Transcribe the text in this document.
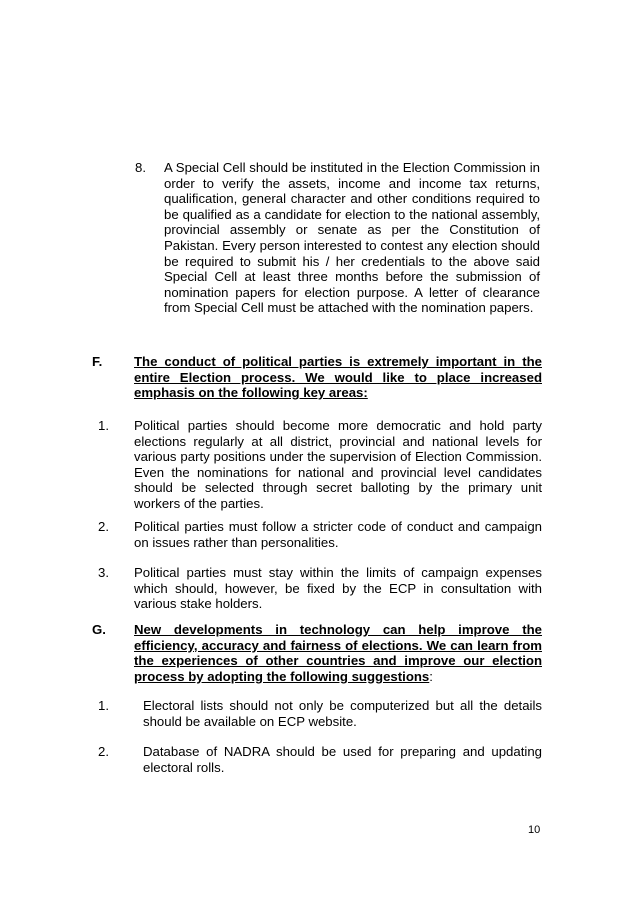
8. A Special Cell should be instituted in the Election Commission in order to verify the assets, income and income tax returns, qualification, general character and other conditions required to be qualified as a candidate for election to the national assembly, provincial assembly or senate as per the Constitution of Pakistan. Every person interested to contest any election should be required to submit his / her credentials to the above said Special Cell at least three months before the submission of nomination papers for election purpose. A letter of clearance from Special Cell must be attached with the nomination papers.
F. The conduct of political parties is extremely important in the entire Election process. We would like to place increased emphasis on the following key areas:
1. Political parties should become more democratic and hold party elections regularly at all district, provincial and national levels for various party positions under the supervision of Election Commission. Even the nominations for national and provincial level candidates should be selected through secret balloting by the primary unit workers of the parties.
2. Political parties must follow a stricter code of conduct and campaign on issues rather than personalities.
3. Political parties must stay within the limits of campaign expenses which should, however, be fixed by the ECP in consultation with various stake holders.
G. New developments in technology can help improve the efficiency, accuracy and fairness of elections. We can learn from the experiences of other countries and improve our election process by adopting the following suggestions:
1.	Electoral lists should not only be computerized but all the details should be available on ECP website.
2.	Database of NADRA should be used for preparing and updating electoral rolls.
10
